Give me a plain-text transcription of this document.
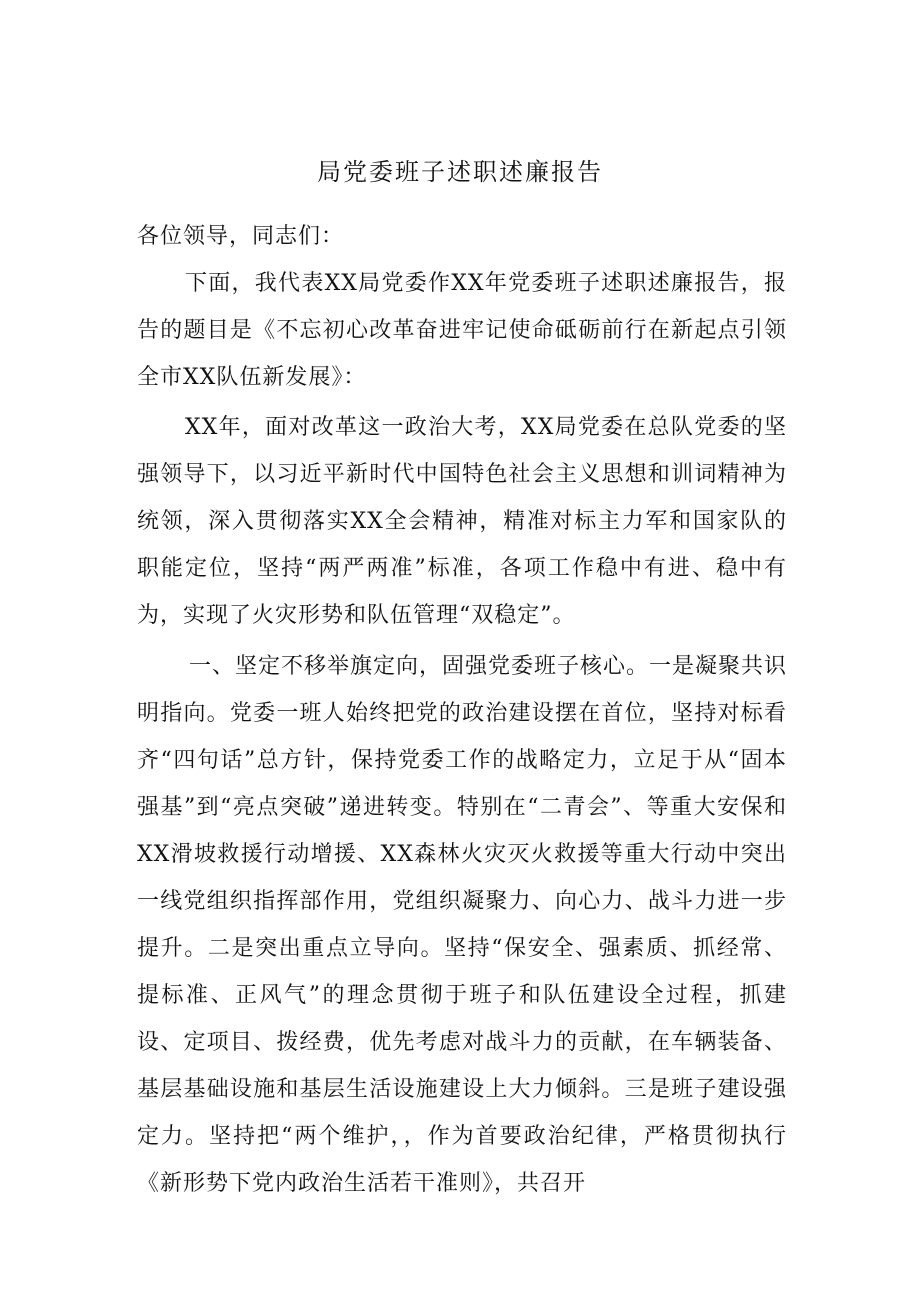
局党委班子述职述廉报告

各位领导，同志们：

下面，我代表XX局党委作XX年党委班子述职述廉报告，报告的题目是《不忘初心改革奋进牢记使命砥砺前行在新起点引领全市XX队伍新发展》：

XX年，面对改革这一政治大考，XX局党委在总队党委的坚强领导下，以习近平新时代中国特色社会主义思想和训词精神为统领，深入贯彻落实XX全会精神，精准对标主力军和国家队的职能定位，坚持“两严两准”标准，各项工作稳中有进、稳中有为，实现了火灾形势和队伍管理“双稳定”。

一、坚定不移举旗定向，固强党委班子核心。一是凝聚共识明指向。党委一班人始终把党的政治建设摆在首位，坚持对标看齐“四句话”总方针，保持党委工作的战略定力，立足于从“固本强基”到“亮点突破”递进转变。特别在“二青会”、等重大安保和XX滑坡救援行动增援、XX森林火灾灭火救援等重大行动中突出一线党组织指挥部作用，党组织凝聚力、向心力、战斗力进一步提升。二是突出重点立导向。坚持“保安全、强素质、抓经常、提标准、正风气”的理念贯彻于班子和队伍建设全过程，抓建设、定项目、拨经费，优先考虑对战斗力的贡献，在车辆装备、基层基础设施和基层生活设施建设上大力倾斜。三是班子建设强定力。坚持把“两个维护，，作为首要政治纪律，严格贯彻执行《新形势下党内政治生活若干准则》，共召开
